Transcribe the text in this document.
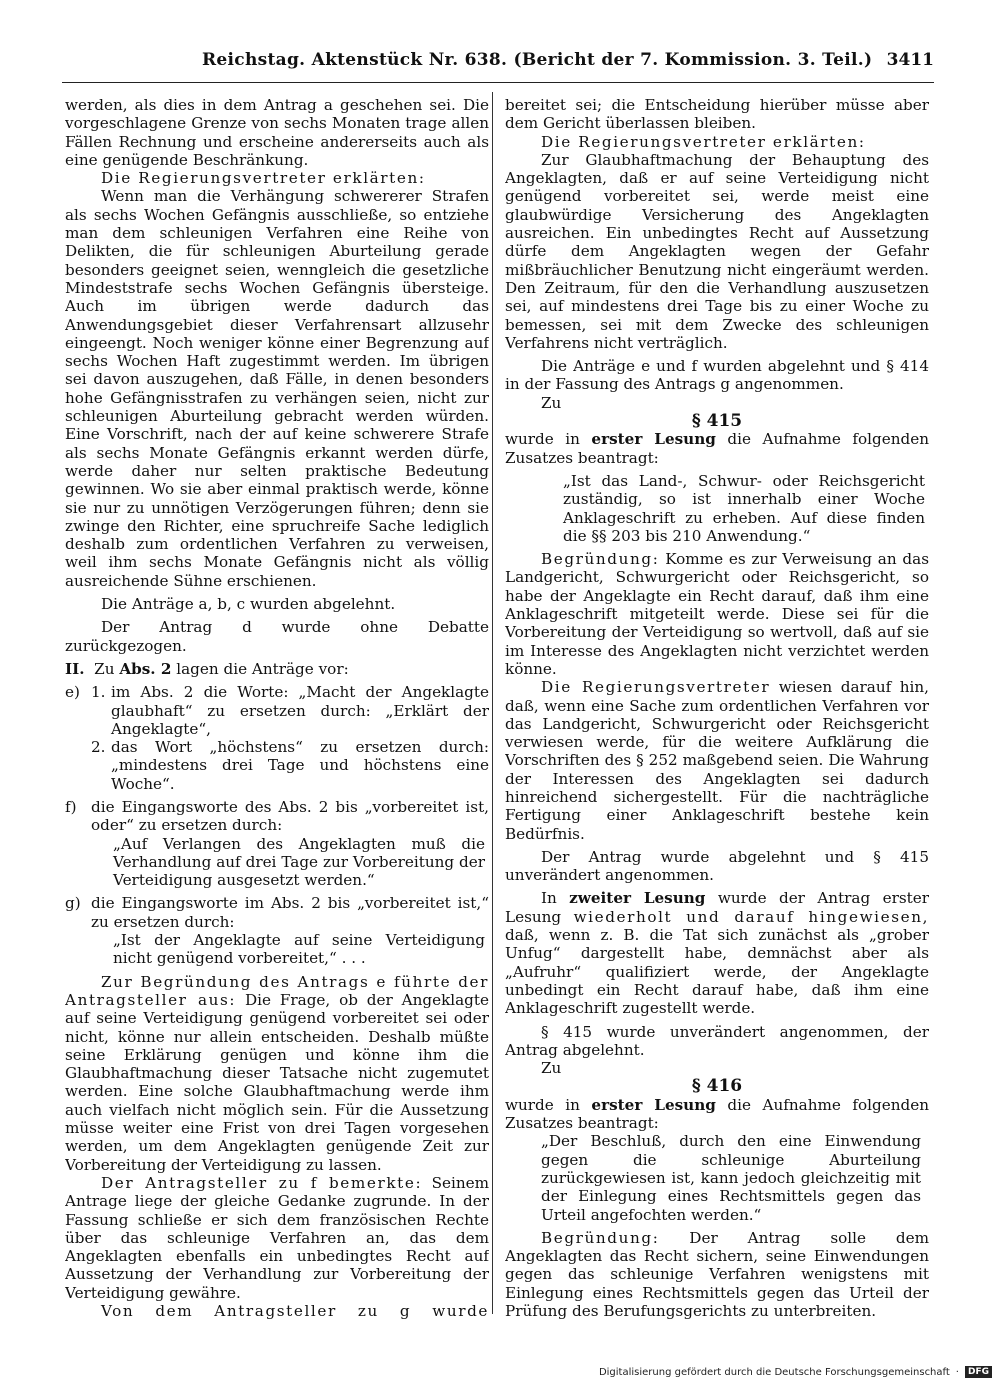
Reichstag. Aktenstück Nr. 638. (Bericht der 7. Kommission. 3. Teil.) 3411

werden, als dies in dem Antrag a geschehen sei. Die vorgeschlagene Grenze von sechs Monaten trage allen Fällen Rechnung und erscheine andererseits auch als eine genügende Beschränkung.

Die Regierungsvertreter erklärten:

Wenn man die Verhängung schwererer Strafen als sechs Wochen Gefängnis ausschließe, so entziehe man dem schleunigen Verfahren eine Reihe von Delikten, die für schleunigen Aburteilung gerade besonders geeignet seien, wenngleich die gesetzliche Mindeststrafe sechs Wochen Gefängnis übersteige. Auch im übrigen werde dadurch das Anwendungsgebiet dieser Verfahrensart allzusehr eingeengt. Noch weniger könne einer Begrenzung auf sechs Wochen Haft zugestimmt werden. Im übrigen sei davon auszugehen, daß Fälle, in denen besonders hohe Gefängnisstrafen zu verhängen seien, nicht zur schleunigen Aburteilung gebracht werden würden. Eine Vorschrift, nach der auf keine schwerere Strafe als sechs Monate Gefängnis erkannt werden dürfe, werde daher nur selten praktische Bedeutung gewinnen. Wo sie aber einmal praktisch werde, könne sie nur zu unnötigen Verzögerungen führen; denn sie zwinge den Richter, eine spruchreife Sache lediglich deshalb zum ordentlichen Verfahren zu verweisen, weil ihm sechs Monate Gefängnis nicht als völlig ausreichende Sühne erschienen.

Die Anträge a, b, c wurden abgelehnt.

Der Antrag d wurde ohne Debatte zurückgezogen.

II. Zu Abs. 2 lagen die Anträge vor:

e) 1. im Abs. 2 die Worte: „Macht der Angeklagte glaubhaft“ zu ersetzen durch: „Erklärt der Angeklagte“,
2. das Wort „höchstens“ zu ersetzen durch: „mindestens drei Tage und höchstens eine Woche“.
f) die Eingangsworte des Abs. 2 bis „vorbereitet ist, oder“ zu ersetzen durch:

„Auf Verlangen des Angeklagten muß die Verhandlung auf drei Tage zur Vorbereitung der Verteidigung ausgesetzt werden.“

g) die Eingangsworte im Abs. 2 bis „vorbereitet ist,“ zu ersetzen durch:

„Ist der Angeklagte auf seine Verteidigung nicht genügend vorbereitet,“ . . .

Zur Begründung des Antrags e führte der Antragsteller aus: Die Frage, ob der Angeklagte auf seine Verteidigung genügend vorbereitet sei oder nicht, könne nur allein entscheiden. Deshalb müßte seine Erklärung genügen und könne ihm die Glaubhaftmachung dieser Tatsache nicht zugemutet werden. Eine solche Glaubhaftmachung werde ihm auch vielfach nicht möglich sein. Für die Aussetzung müsse weiter eine Frist von drei Tagen vorgesehen werden, um dem Angeklagten genügende Zeit zur Vorbereitung der Verteidigung zu lassen.

Der Antragsteller zu f bemerkte: Seinem Antrage liege der gleiche Gedanke zugrunde. In der Fassung schließe er sich dem französischen Rechte über das schleunige Verfahren an, das dem Angeklagten ebenfalls ein unbedingtes Recht auf Aussetzung der Verhandlung zur Vorbereitung der Verteidigung gewähre.

Von dem Antragsteller zu g wurde

bereitet sei; die Entscheidung hierüber müsse aber dem Gericht überlassen bleiben.

Die Regierungsvertreter erklärten:

Zur Glaubhaftmachung der Behauptung des Angeklagten, daß er auf seine Verteidigung nicht genügend vorbereitet sei, werde meist eine glaubwürdige Versicherung des Angeklagten ausreichen. Ein unbedingtes Recht auf Aussetzung dürfe dem Angeklagten wegen der Gefahr mißbräuchlicher Benutzung nicht eingeräumt werden. Den Zeitraum, für den die Verhandlung auszusetzen sei, auf mindestens drei Tage bis zu einer Woche zu bemessen, sei mit dem Zwecke des schleunigen Verfahrens nicht verträglich.

Die Anträge e und f wurden abgelehnt und § 414 in der Fassung des Antrags g angenommen.

Zu

§ 415

wurde in erster Lesung die Aufnahme folgenden Zusatzes beantragt:

„Ist das Land-, Schwur- oder Reichsgericht zuständig, so ist innerhalb einer Woche Anklageschrift zu erheben. Auf diese finden die §§ 203 bis 210 Anwendung.“

Begründung: Komme es zur Verweisung an das Landgericht, Schwurgericht oder Reichsgericht, so habe der Angeklagte ein Recht darauf, daß ihm eine Anklageschrift mitgeteilt werde. Diese sei für die Vorbereitung der Verteidigung so wertvoll, daß auf sie im Interesse des Angeklagten nicht verzichtet werden könne.

Die Regierungsvertreter wiesen darauf hin, daß, wenn eine Sache zum ordentlichen Verfahren vor das Landgericht, Schwurgericht oder Reichsgericht verwiesen werde, für die weitere Aufklärung die Vorschriften des § 252 maßgebend seien. Die Wahrung der Interessen des Angeklagten sei dadurch hinreichend sichergestellt. Für die nachträgliche Fertigung einer Anklageschrift bestehe kein Bedürfnis.

Der Antrag wurde abgelehnt und § 415 unverändert angenommen.

In zweiter Lesung wurde der Antrag erster Lesung wiederholt und darauf hingewiesen, daß, wenn z. B. die Tat sich zunächst als „grober Unfug“ dargestellt habe, demnächst aber als „Aufruhr“ qualifiziert werde, der Angeklagte unbedingt ein Recht darauf habe, daß ihm eine Anklageschrift zugestellt werde.

§ 415 wurde unverändert angenommen, der Antrag abgelehnt.

Zu

§ 416

wurde in erster Lesung die Aufnahme folgenden Zusatzes beantragt:

„Der Beschluß, durch den eine Einwendung gegen die schleunige Aburteilung zurückgewiesen ist, kann jedoch gleichzeitig mit der Einlegung eines Rechtsmittels gegen das Urteil angefochten werden.“

Begründung: Der Antrag solle dem Angeklagten das Recht sichern, seine Einwendungen gegen das schleunige Verfahren wenigstens mit Einlegung eines Rechtsmittels gegen das Urteil der Prüfung des Berufungsgerichts zu unterbreiten.

Digitalisierung gefördert durch die Deutsche Forschungsgemeinschaft ·	DFG
